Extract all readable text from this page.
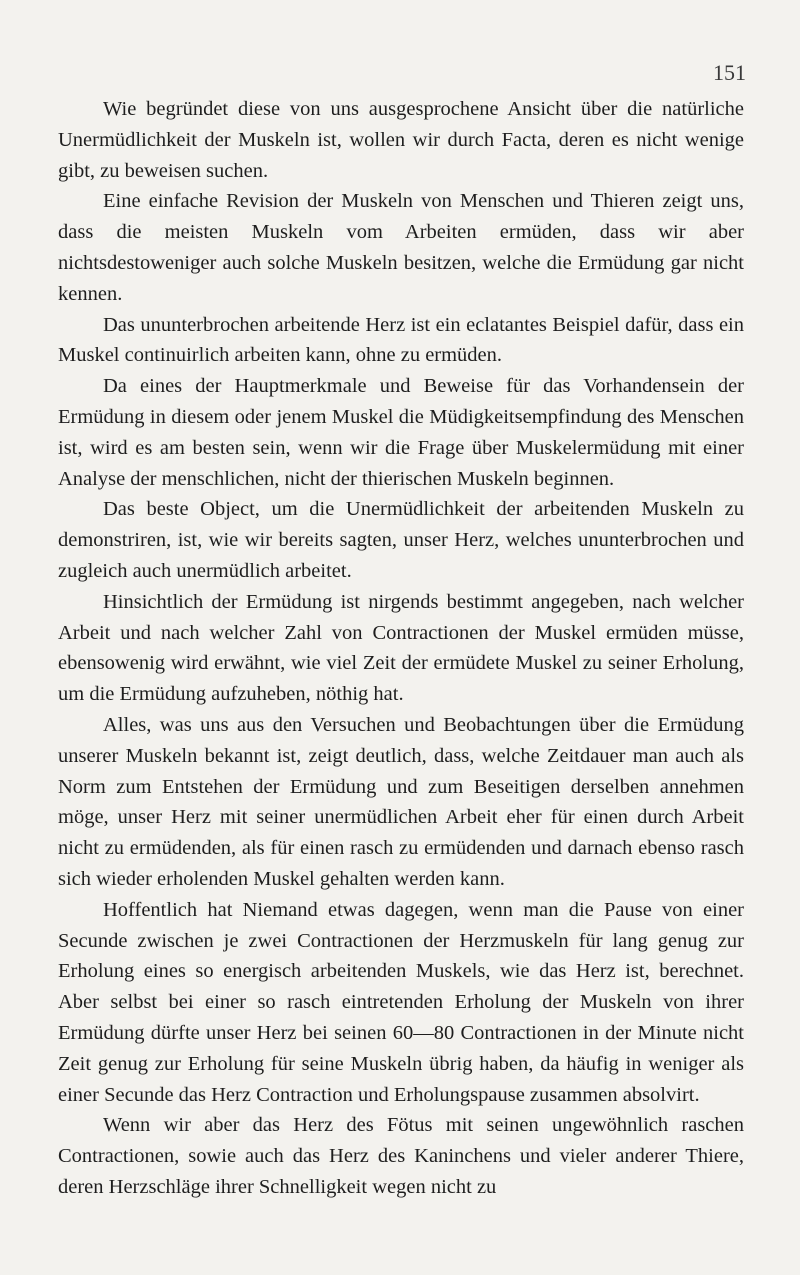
151

Wie begründet diese von uns ausgesprochene Ansicht über die natürliche Unermüdlichkeit der Muskeln ist, wollen wir durch Facta, deren es nicht wenige gibt, zu beweisen suchen.

Eine einfache Revision der Muskeln von Menschen und Thieren zeigt uns, dass die meisten Muskeln vom Arbeiten ermüden, dass wir aber nichtsdestoweniger auch solche Muskeln besitzen, welche die Ermüdung gar nicht kennen.

Das ununterbrochen arbeitende Herz ist ein eclatantes Beispiel dafür, dass ein Muskel continuirlich arbeiten kann, ohne zu ermüden.

Da eines der Hauptmerkmale und Beweise für das Vorhandensein der Ermüdung in diesem oder jenem Muskel die Müdigkeitsempfindung des Menschen ist, wird es am besten sein, wenn wir die Frage über Muskelermüdung mit einer Analyse der menschlichen, nicht der thierischen Muskeln beginnen.

Das beste Object, um die Unermüdlichkeit der arbeitenden Muskeln zu demonstriren, ist, wie wir bereits sagten, unser Herz, welches ununterbrochen und zugleich auch unermüdlich arbeitet.

Hinsichtlich der Ermüdung ist nirgends bestimmt angegeben, nach welcher Arbeit und nach welcher Zahl von Contractionen der Muskel ermüden müsse, ebensowenig wird erwähnt, wie viel Zeit der ermüdete Muskel zu seiner Erholung, um die Ermüdung aufzuheben, nöthig hat.

Alles, was uns aus den Versuchen und Beobachtungen über die Ermüdung unserer Muskeln bekannt ist, zeigt deutlich, dass, welche Zeitdauer man auch als Norm zum Entstehen der Ermüdung und zum Beseitigen derselben annehmen möge, unser Herz mit seiner unermüdlichen Arbeit eher für einen durch Arbeit nicht zu ermüdenden, als für einen rasch zu ermüdenden und darnach ebenso rasch sich wieder erholenden Muskel gehalten werden kann.

Hoffentlich hat Niemand etwas dagegen, wenn man die Pause von einer Secunde zwischen je zwei Contractionen der Herzmuskeln für lang genug zur Erholung eines so energisch arbeitenden Muskels, wie das Herz ist, berechnet. Aber selbst bei einer so rasch eintretenden Erholung der Muskeln von ihrer Ermüdung dürfte unser Herz bei seinen 60—80 Contractionen in der Minute nicht Zeit genug zur Erholung für seine Muskeln übrig haben, da häufig in weniger als einer Secunde das Herz Contraction und Erholungspause zusammen absolvirt.

Wenn wir aber das Herz des Fötus mit seinen ungewöhnlich raschen Contractionen, sowie auch das Herz des Kaninchens und vieler anderer Thiere, deren Herzschläge ihrer Schnelligkeit wegen nicht zu
